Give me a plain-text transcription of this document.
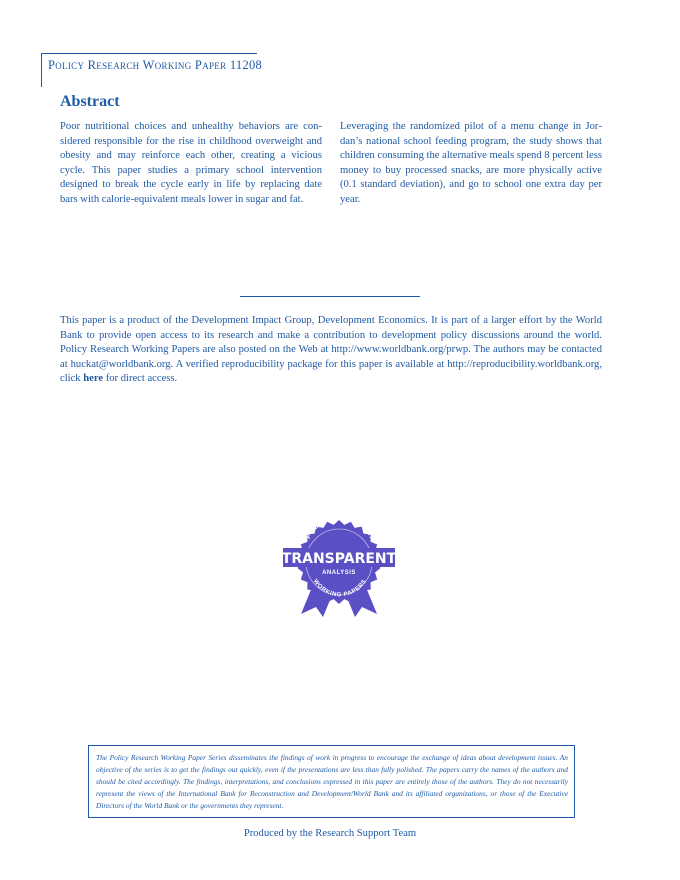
Policy Research Working Paper 11208
Abstract

Poor nutritional choices and unhealthy behaviors are considered responsible for the rise in childhood overweight and obesity and may reinforce each other, creating a vicious cycle. This paper studies a primary school intervention designed to break the cycle early in life by replacing date bars with calorie-equivalent meals lower in sugar and fat.

Leveraging the randomized pilot of a menu change in Jordan’s national school feeding program, the study shows that children consuming the alternative meals spend 8 percent less money to buy processed snacks, are more physically active (0.1 standard deviation), and go to school one extra day per year.

This paper is a product of the Development Impact Group, Development Economics. It is part of a larger effort by the World Bank to provide open access to its research and make a contribution to development policy discussions around the world. Policy Research Working Papers are also posted on the Web at http://www.worldbank.org/prwp. The authors may be contacted at huckat@worldbank.org. A verified reproducibility package for this paper is available at http://reproducibility.worldbank.org, click here for direct access.

POLICY RESEARCH
TRANSPARENT
ANALYSIS
WORKING PAPERS

The Policy Research Working Paper Series disseminates the findings of work in progress to encourage the exchange of ideas about development issues. An objective of the series is to get the findings out quickly, even if the presentations are less than fully polished. The papers carry the names of the authors and should be cited accordingly. The findings, interpretations, and conclusions expressed in this paper are entirely those of the authors. They do not necessarily represent the views of the International Bank for Reconstruction and Development/World Bank and its affiliated organizations, or those of the Executive Directors of the World Bank or the governments they represent.

Produced by the Research Support Team
